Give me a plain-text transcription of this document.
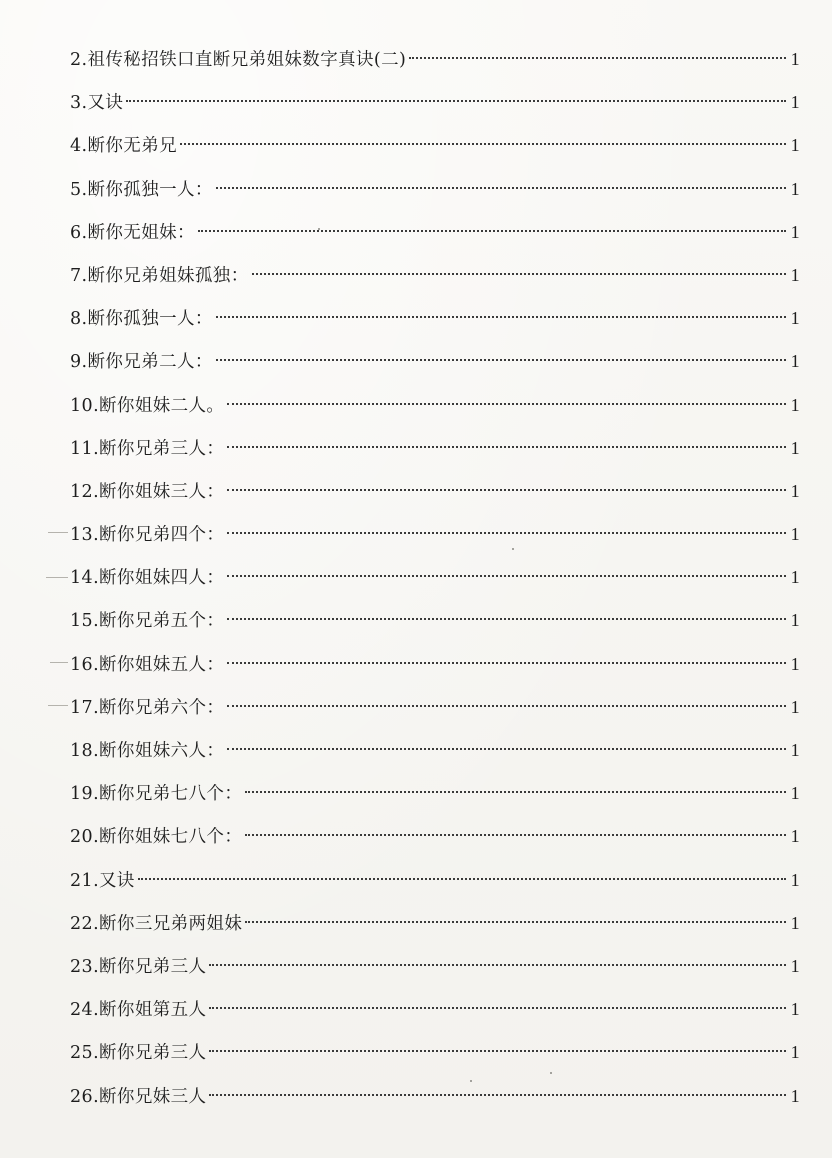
2.祖传秘招铁口直断兄弟姐妹数字真诀(二)	1
3.又诀	1
4.断你无弟兄	1
5.断你孤独一人：	1
6.断你无姐妹：	1
7.断你兄弟姐妹孤独：	1
8.断你孤独一人：	1
9.断你兄弟二人：	1
10.断你姐妹二人。	1
11.断你兄弟三人：	1
12.断你姐妹三人：	1
13.断你兄弟四个：	1
14.断你姐妹四人：	1
15.断你兄弟五个：	1
16.断你姐妹五人：	1
17.断你兄弟六个：	1
18.断你姐妹六人：	1
19.断你兄弟七八个：	1
20.断你姐妹七八个：	1
21.又诀	1
22.断你三兄弟两姐妹	1
23.断你兄弟三人	1
24.断你姐第五人	1
25.断你兄弟三人	1
26.断你兄妹三人	1
